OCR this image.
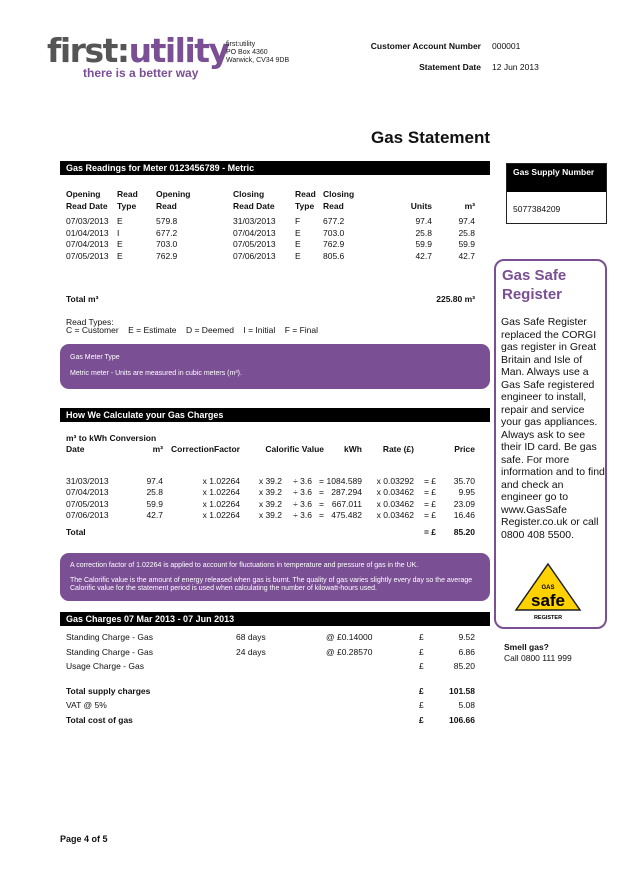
first:utility
there is a better way
first:utility
PO Box 4360
Warwick, CV34 9DB
Customer Account Number 000001
Statement Date 12 Jun 2013
Gas Statement
Gas Readings for Meter 0123456789 - Metric
Opening	Read	Opening	Closing	Read	Closing		
Read Date	Type	Read	Read Date	Type	Read	Units	m³

07/03/2013	E	579.8	31/03/2013	F	677.2	97.4	97.4
01/04/2013	I	677.2	07/04/2013	E	703.0	25.8	25.8
07/04/2013	E	703.0	07/05/2013	E	762.9	59.9	59.9
07/05/2013	E	762.9	07/06/2013	E	805.6	42.7	42.7
Total m³	225.80 m³
Read Types:
C = Customer    E = Estimate    D = Deemed    I = Initial    F = Final
Gas Meter Type
Metric meter - Units are measured in cubic meters (m³).
How We Calculate your Gas Charges
m³ to kWh Conversion
Date	m³	CorrectionFactor	Calorific Value			kWh	Rate (£)		Price

31/03/2013	97.4	x 1.02264	x 39.2	÷ 3.6	=	1084.589	x 0.03292	= £	35.70
07/04/2013	25.8	x 1.02264	x 39.2	÷ 3.6	=	287.294	x 0.03462	= £	9.95
07/05/2013	59.9	x 1.02264	x 39.2	÷ 3.6	=	667.011	x 0.03462	= £	23.09
07/06/2013	42.7	x 1.02264	x 39.2	÷ 3.6	=	475.482	x 0.03462	= £	16.46

Total								= £	85.20
A correction factor of 1.02264 is applied to account for fluctuations in temperature and pressure of gas in the UK.
The Calorific value is the amount of energy released when gas is burnt. The quality of gas varies slightly every day so the average Calorific value for the statement period is used when calculating the number of kilowatt-hours used.
Gas Charges 07 Mar 2013 - 07 Jun 2013
Standing Charge - Gas	68 days	@ £0.14000	£	9.52

Standing Charge - Gas	24 days	@ £0.28570	£	6.86

Usage Charge - Gas			£	85.20

Total supply charges			£	101.58

VAT @ 5%			£	5.08

Total cost of gas			£	106.66
Gas Supply Number
5077384209
Gas Safe
Register
Gas Safe Register replaced the CORGI gas register in Great Britain and Isle of Man. Always use a Gas Safe registered engineer to install, repair and service your gas appliances. Always ask to see their ID card. Be gas safe. For more information and to find and check an engineer go to www.GasSafe Register.co.uk or call 0800 408 5500.
GAS
safe
REGISTER
Smell gas?
Call 0800 111 999
Page 4 of 5
